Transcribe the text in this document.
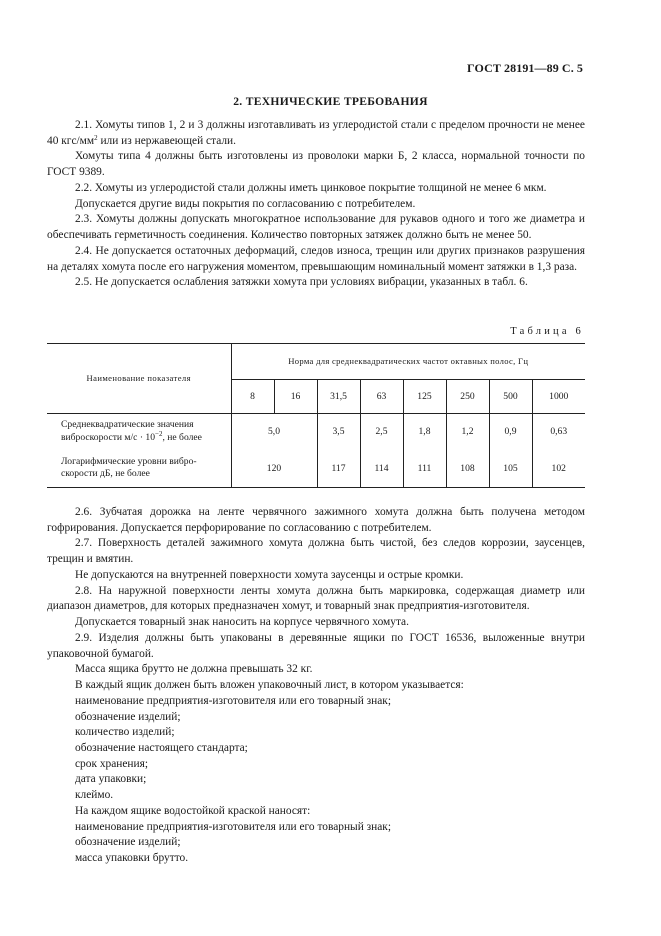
ГОСТ 28191—89 С. 5
2. ТЕХНИЧЕСКИЕ ТРЕБОВАНИЯ

2.1. Хомуты типов 1, 2 и 3 должны изготавливать из углеродистой стали с пределом прочности не менее 40 кгс/$мм^2$ или из нержавеющей стали.

Хомуты типа 4 должны быть изготовлены из проволоки марки Б, 2 класса, нормальной точности по ГОСТ 9389.

2.2. Хомуты из углеродистой стали должны иметь цинковое покрытие толщиной не менее 6 мкм.

Допускается другие виды покрытия по согласованию с потребителем.

2.3. Хомуты должны допускать многократное использование для рукавов одного и того же диаметра и обеспечивать герметичность соединения. Количество повторных затяжек должно быть не менее 50.

2.4. Не допускается остаточных деформаций, следов износа, трещин или других признаков разрушения на деталях хомута после его нагружения моментом, превышающим номинальный момент затяжки в 1,3 раза.

2.5. Не допускается ослабления затяжки хомута при условиях вибрации, указанных в табл. 6.

Таблица 6
Наименование показателя	Норма для среднеквадратических частот октавных полос, Гц							
	8	16	31,5	63	125	250	500	1000

Среднеквадратические значения
виброскорости $м/с \cdot 10^{-2}$, не более	5,0		3,5	2,5	1,8	1,2	0,9	0,63

Логарифмические уровни вибро-
скорости дБ, не более	120		117	114	111	108	105	102

2.6. Зубчатая дорожка на ленте червячного зажимного хомута должна быть получена методом гофрирования. Допускается перфорирование по согласованию с потребителем.

2.7. Поверхность деталей зажимного хомута должна быть чистой, без следов коррозии, заусенцев, трещин и вмятин.

Не допускаются на внутренней поверхности хомута заусенцы и острые кромки.

2.8. На наружной поверхности ленты хомута должна быть маркировка, содержащая диаметр или диапазон диаметров, для которых предназначен хомут, и товарный знак предприятия-изготовителя.

Допускается товарный знак наносить на корпусе червячного хомута.

2.9. Изделия должны быть упакованы в деревянные ящики по ГОСТ 16536, выложенные внутри упаковочной бумагой.

Масса ящика брутто не должна превышать 32 кг.

В каждый ящик должен быть вложен упаковочный лист, в котором указывается:

наименование предприятия-изготовителя или его товарный знак;

обозначение изделий;

количество изделий;

обозначение настоящего стандарта;

срок хранения;

дата упаковки;

клеймо.

На каждом ящике водостойкой краской наносят:

наименование предприятия-изготовителя или его товарный знак;

обозначение изделий;

масса упаковки брутто.
